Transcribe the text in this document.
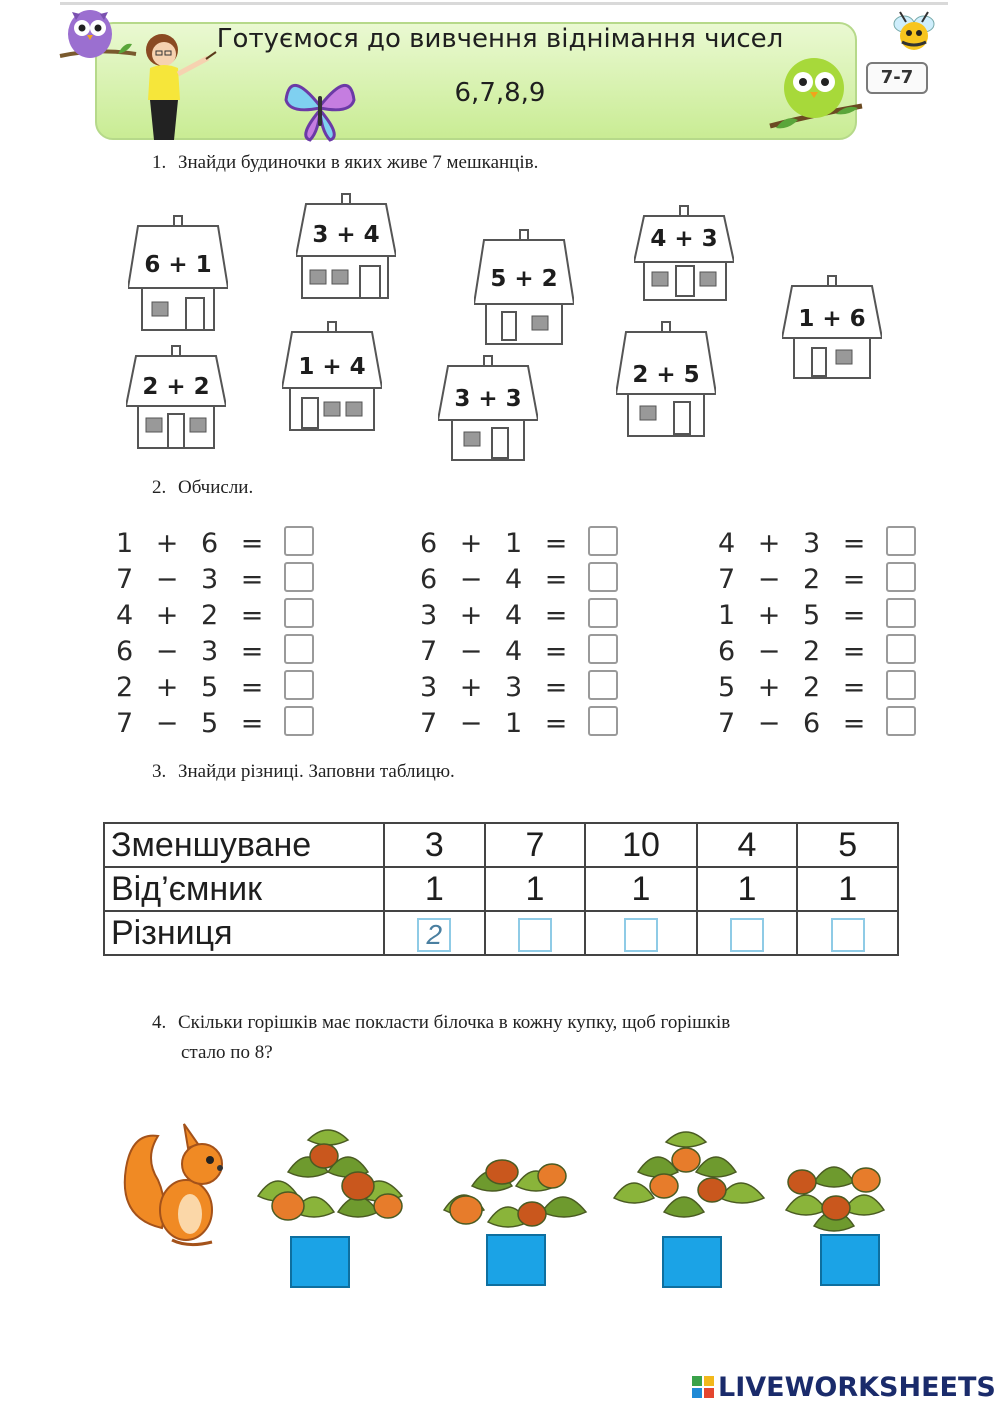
Готуємося до вивчення віднімання чисел
6,7,8,9
7-7
1. Знайди будиночки в яких живе 7 мешканців.
6 + 1
3 + 4
5 + 2
4 + 3
1 + 6
2 + 2
1 + 4
3 + 3
2 + 5
2. Обчисли.
1 + 6 =
7 − 3 =
4 + 2 =
6 − 3 =
2 + 5 =
7 − 5 =
6 + 1 =
6 − 4 =
3 + 4 =
7 − 4 =
3 + 3 =
7 − 1 =
4 + 3 =
7 − 2 =
1 + 5 =
6 − 2 =
5 + 2 =
7 − 6 =
3. Знайди різниці. Заповни таблицю.
Зменшуване	3	7	10	4	5
Від’ємник	1	1	1	1	1
Різниця	2				
4. Скільки горішків має покласти білочка в кожну купку, щоб горішків
стало по 8?
LIVEWORKSHEETS
